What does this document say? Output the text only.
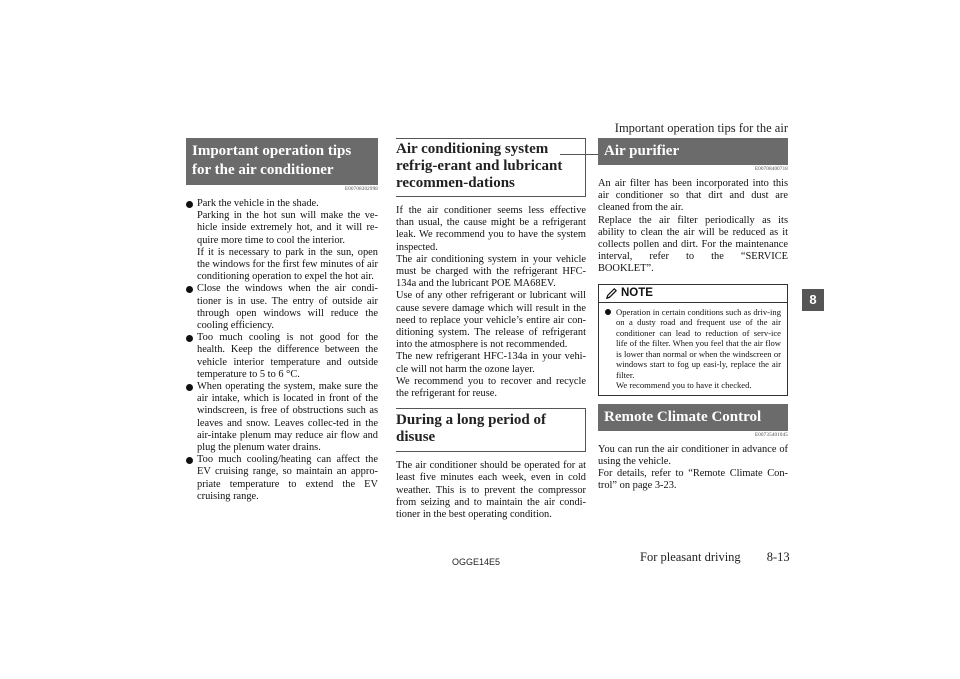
Important operation tips for the air
Important operation tips for the air conditioner
E00708302998

Park the vehicle in the shade.
Parking in the hot sun will make the ve-hicle inside extremely hot, and it will re-quire more time to cool the interior.
If it is necessary to park in the sun, open the windows for the first few minutes of air conditioning operation to expel the hot air.

Close the windows when the air condi-tioner is in use. The entry of outside air through open windows will reduce the cooling efficiency.

Too much cooling is not good for the health. Keep the difference between the vehicle interior temperature and outside temperature to 5 to 6 °C.

When operating the system, make sure the air intake, which is located in front of the windscreen, is free of obstructions such as leaves and snow. Leaves collec-ted in the air-intake plenum may reduce air flow and plug the plenum water drains.

Too much cooling/heating can affect the EV cruising range, so maintain an appro-priate temperature to extend the EV cruising range.

Air conditioning system refrig-erant and lubricant recommen-dations

If the air conditioner seems less effective than usual, the cause might be a refrigerant leak. We recommend you to have the system inspected.

The air conditioning system in your vehicle must be charged with the refrigerant HFC-134a and the lubricant POE MA68EV.

Use of any other refrigerant or lubricant will cause severe damage which will result in the need to replace your vehicle’s entire air con-ditioning system. The release of refrigerant into the atmosphere is not recommended.

The new refrigerant HFC-134a in your vehi-cle will not harm the ozone layer.

We recommend you to recover and recycle the refrigerant for reuse.

During a long period of disuse

The air conditioner should be operated for at least five minutes each week, even in cold weather. This is to prevent the compressor from seizing and to maintain the air condi-tioner in the best operating condition.

Air purifier
E00708400718

An air filter has been incorporated into this air conditioner so that dirt and dust are cleaned from the air.

Replace the air filter periodically as its ability to clean the air will be reduced as it collects pollen and dirt. For the maintenance interval, refer to the “SERVICE BOOKLET”.

NOTE

Operation in certain conditions such as driv-ing on a dusty road and frequent use of the air conditioner can lead to reduction of serv-ice life of the filter. When you feel that the air flow is lower than normal or when the windscreen or windows start to fog up easi-ly, replace the air filter.
We recommend you to have it checked.

Remote Climate Control
E00735401045

You can run the air conditioner in advance of using the vehicle.

For details, refer to “Remote Climate Con-trol” on page 3-23.

8
OGGE14E5	For pleasant driving 8-13
